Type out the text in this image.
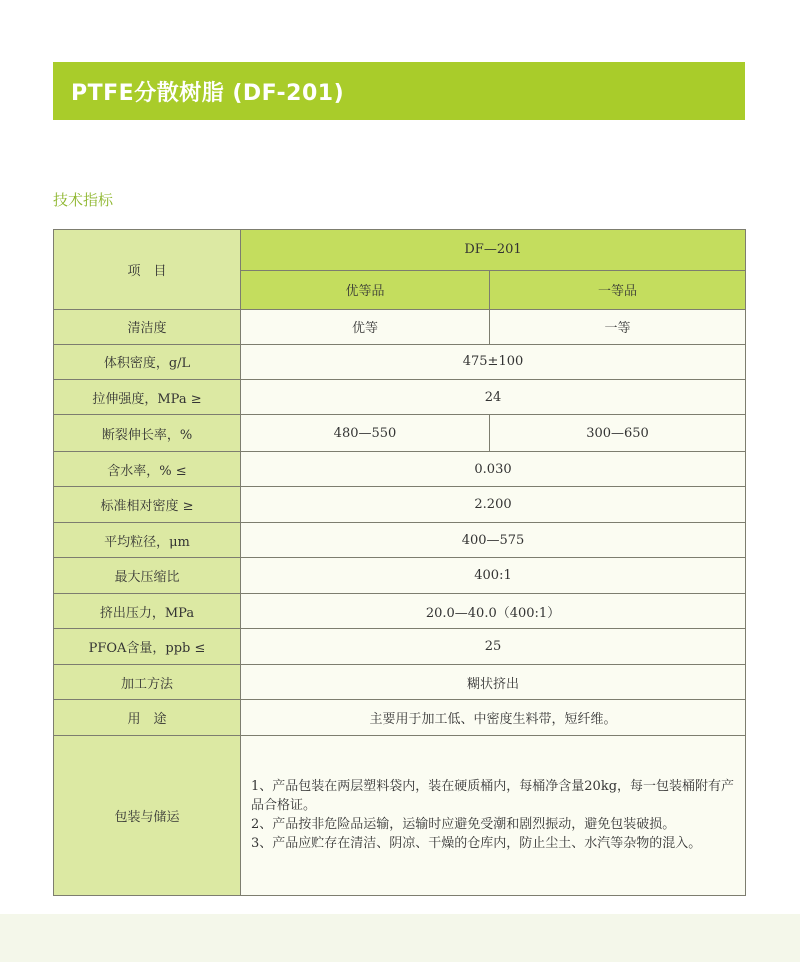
PTFE分散树脂 (DF-201)
技术指标
项　目	DF—201	
	优等品	一等品
清洁度	优等	一等
体积密度，g/L	475±100	
拉伸强度，MPa ≥	24	
断裂伸长率，%	480—550	300—650
含水率，% ≤	0.030	
标准相对密度 ≥	2.200	
平均粒径，μm	400—575	
最大压缩比	400:1	
挤出压力，MPa	20.0—40.0（400:1）	
PFOA含量，ppb ≤	25	
加工方法	糊状挤出	
用　途	主要用于加工低、中密度生料带，短纤维。	
包装与储运	1、产品包装在两层塑料袋内，装在硬质桶内，每桶净含量20kg，每一包装桶附有产品合格证。
2、产品按非危险品运输，运输时应避免受潮和剧烈振动，避免包装破损。
3、产品应贮存在清洁、阴凉、干燥的仓库内，防止尘土、水汽等杂物的混入。	
